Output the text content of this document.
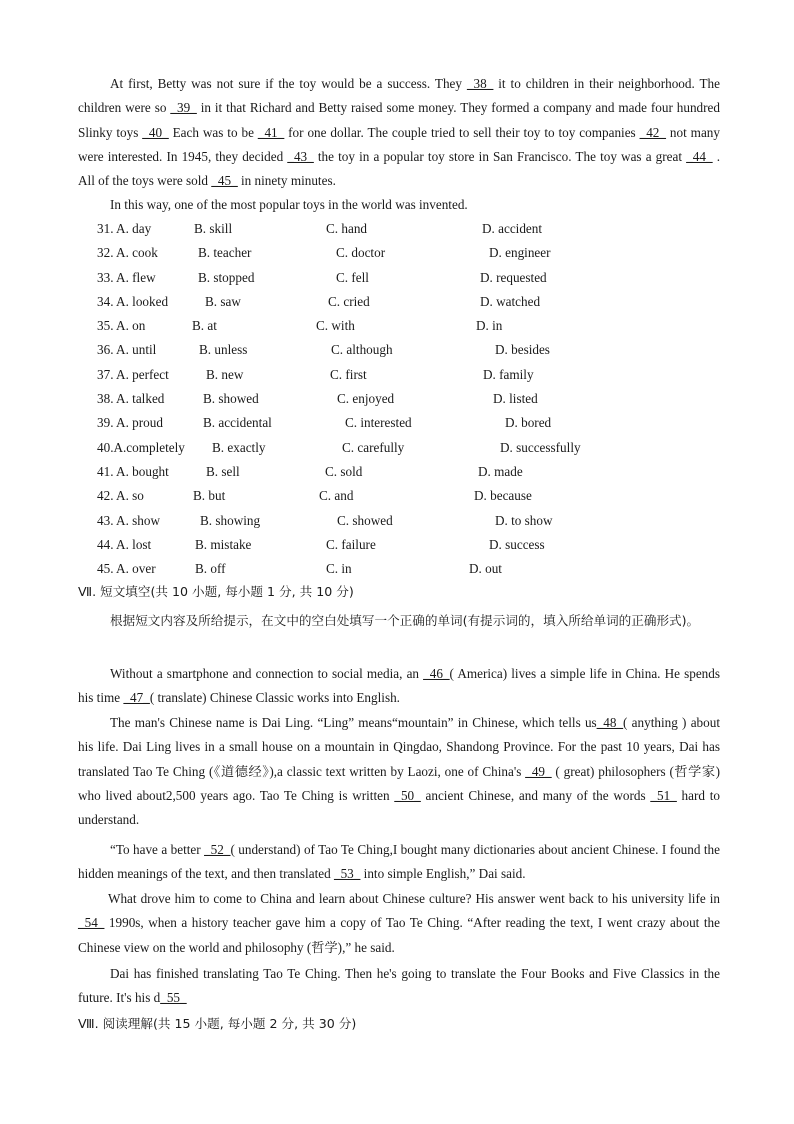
At first, Betty was not sure if the toy would be a success. They _38_ it to children in their neighborhood. The children were so _39_ in it that Richard and Betty raised some money. They formed a company and made four hundred Slinky toys _40_ Each was to be _41_ for one dollar. The couple tried to sell their toy to toy companies _42_ not many were interested. In 1945, they decided _43_ the toy in a popular toy store in San Francisco. The toy was a great _44_ . All of the toys were sold _45_ in ninety minutes.

In this way, one of the most popular toys in the world was invented.

31. A. day	B. skill	C. hand	D. accident
32. A. cook	B. teacher	C. doctor	D. engineer
33. A. flew	B. stopped	C. fell	D. requested
34. A. looked	B. saw	C. cried	D. watched
35. A. on	B. at	C. with	D. in
36. A. until	B. unless	C. although	D. besides
37. A. perfect	B. new	C. first	D. family
38. A. talked	B. showed	C. enjoyed	D. listed
39. A. proud	B. accidental	C. interested	D. bored
40.A.completely B. exactly	C. carefully	D. successfully
41. A. bought	B. sell	C. sold	D. made
42. A. so	B. but	C. and	D. because
43. A. show	B. showing	C. showed	D. to show
44. A. lost	B. mistake	C. failure	D. success
45. A. over	B. off	C. in	D. out
Ⅶ. 短文填空(共 10 小题, 每小题 1 分, 共 10 分)

根据短文内容及所给提示，在文中的空白处填写一个正确的单词(有提示词的，填入所给单词的正确形式)。

Without a smartphone and connection to social media, an _46_( America) lives a simple life in China. He spends his time _47_( translate) Chinese Classic works into English.

The man's Chinese name is Dai Ling. “Ling” means“mountain” in Chinese, which tells us_48_( anything ) about his life. Dai Ling lives in a small house on a mountain in Qingdao, Shandong Province. For the past 10 years, Dai has translated Tao Te Ching (《道德经》),a classic text written by Laozi, one of China's _49_ ( great) philosophers (哲学家) who lived about2,500 years ago. Tao Te Ching is written _50_ ancient Chinese, and many of the words _51_ hard to understand.

“To have a better _52_( understand) of Tao Te Ching,I bought many dictionaries about ancient Chinese. I found the hidden meanings of the text, and then translated _53_ into simple English,” Dai said.

What drove him to come to China and learn about Chinese culture? His answer went back to his university life in _54_ 1990s, when a history teacher gave him a copy of Tao Te Ching. “After reading the text, I went crazy about the Chinese view on the world and philosophy (哲学),” he said.

Dai has finished translating Tao Te Ching. Then he's going to translate the Four Books and Five Classics in the future. It's his d_55_

Ⅷ. 阅读理解(共 15 小题, 每小题 2 分, 共 30 分)
